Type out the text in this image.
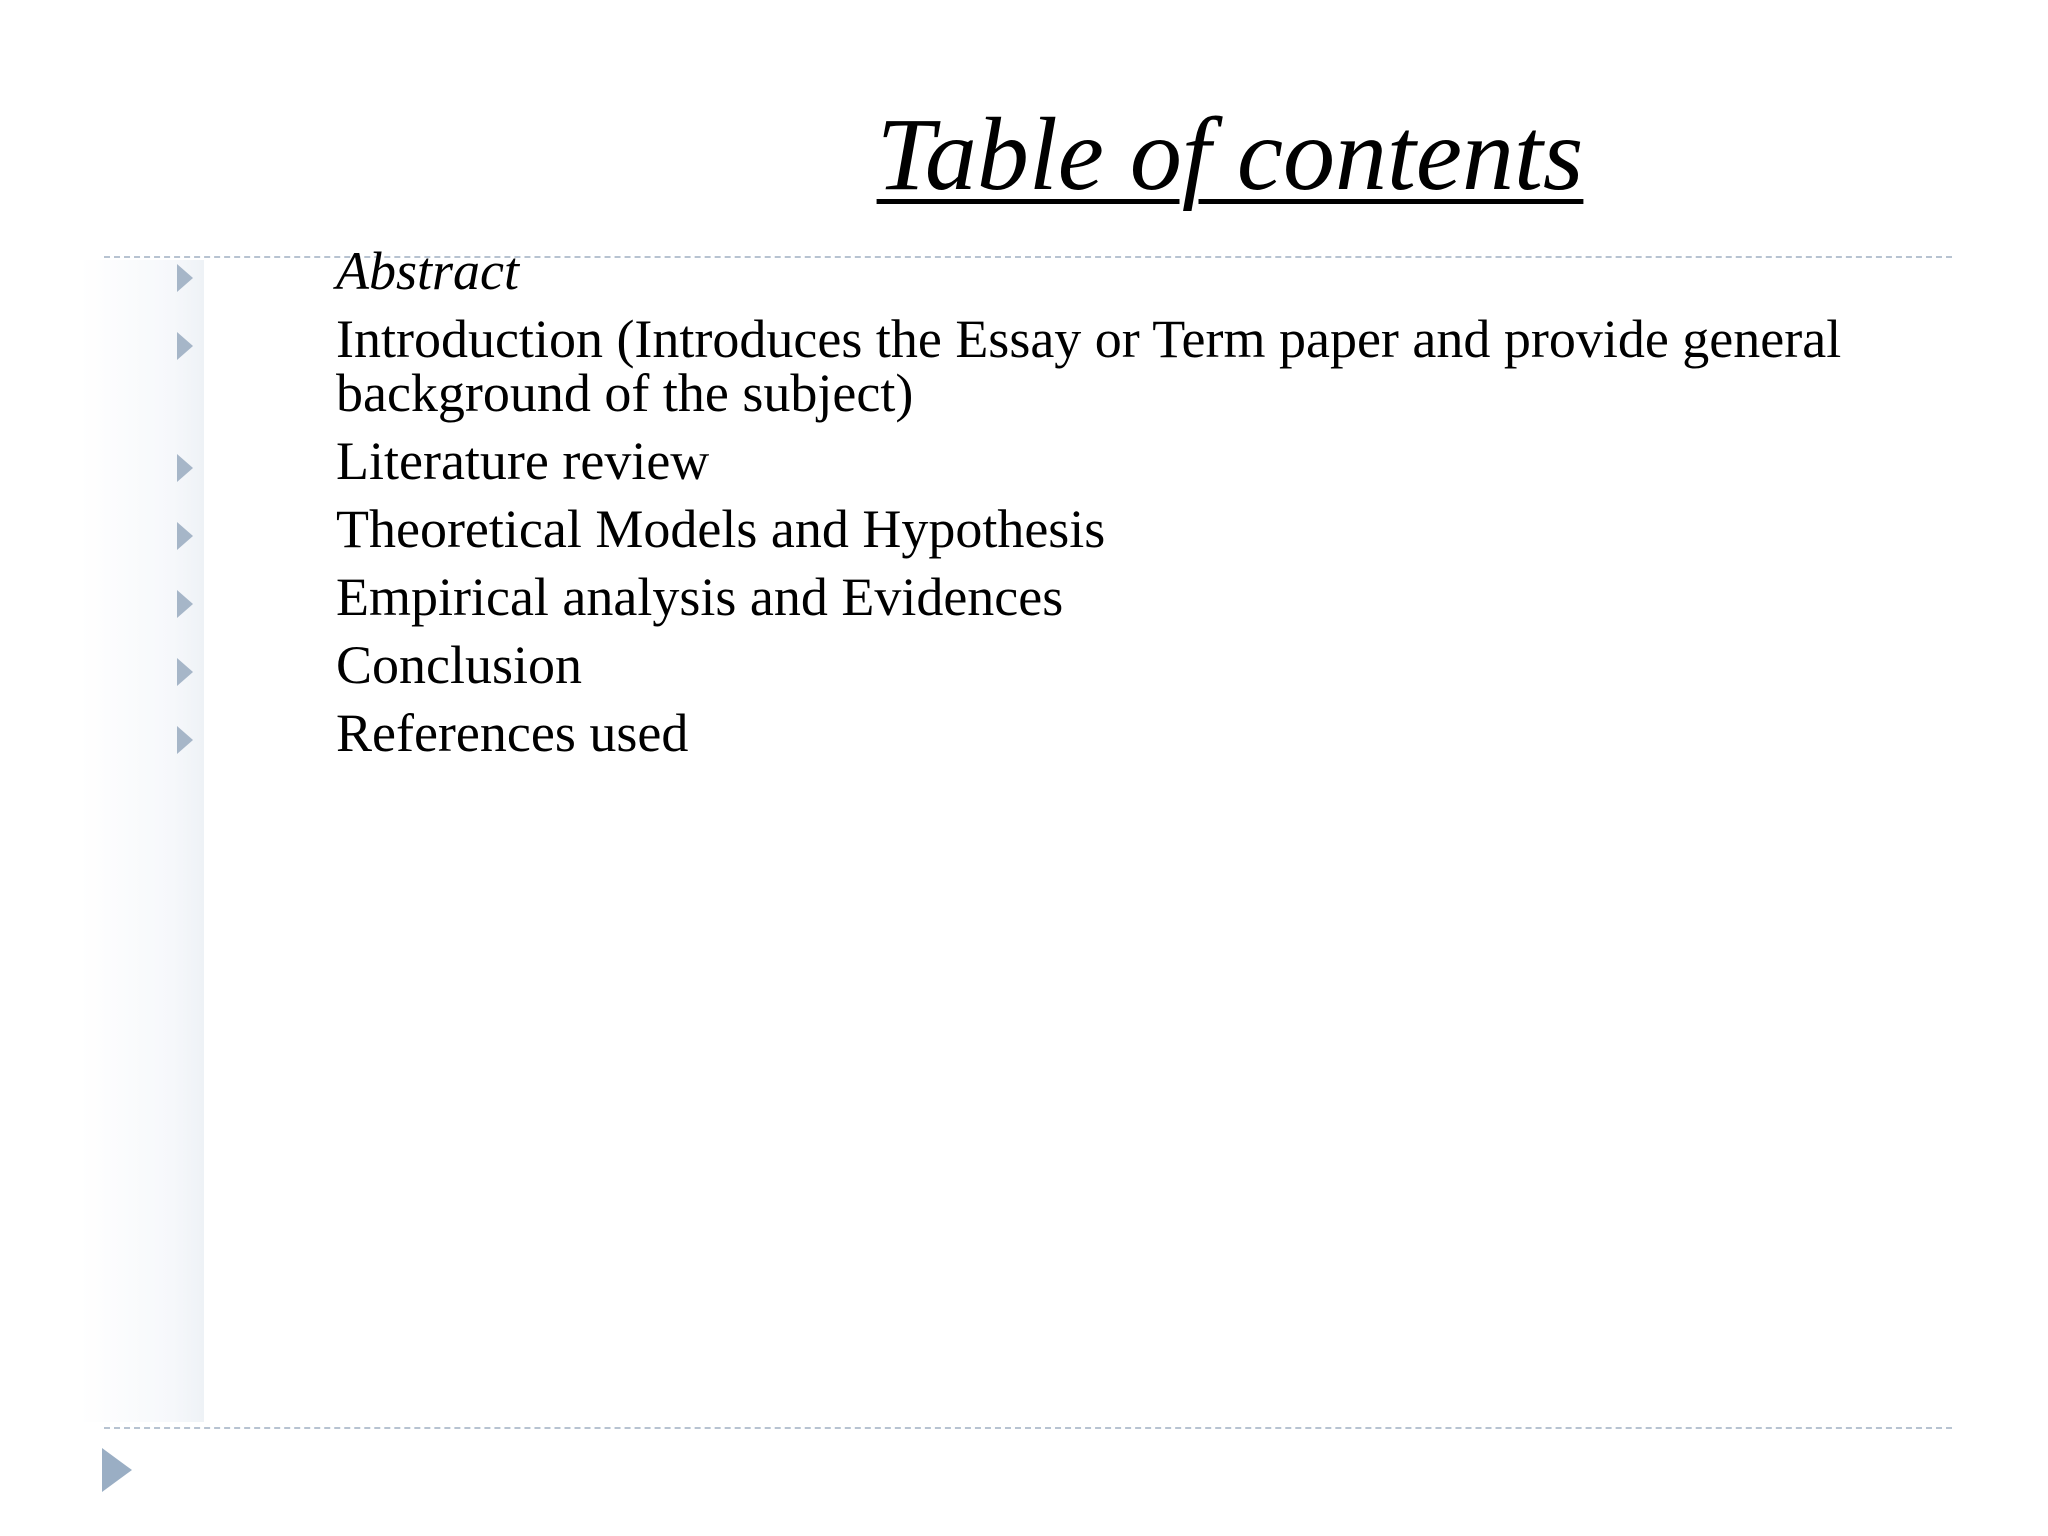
Table of contents
Abstract
Introduction (Introduces the Essay or Term paper and provide general background of the subject)
Literature review
Theoretical Models and Hypothesis
Empirical analysis and Evidences
Conclusion
References used
